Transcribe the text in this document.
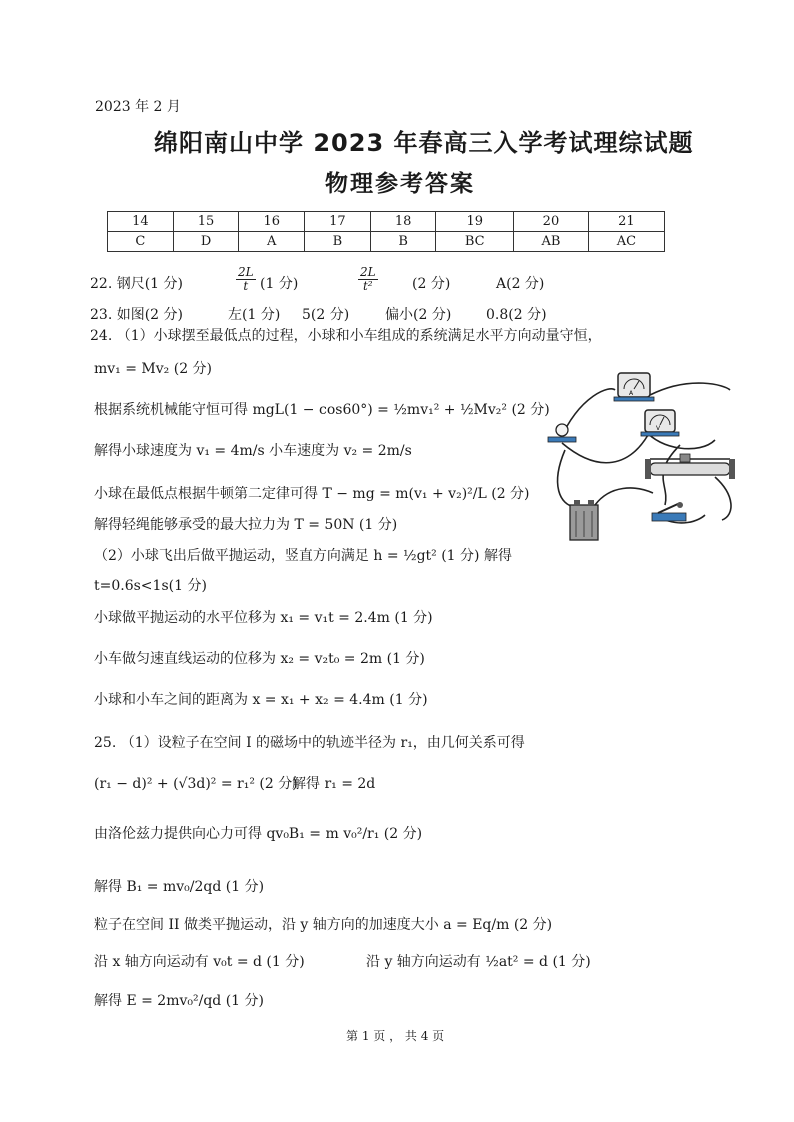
2023 年 2 月
绵阳南山中学 2023 年春高三入学考试理综试题
物理参考答案
14	15	16	17	18	19	20	21
C	D	A	B	B	BC	AB	AC
22. 钢尺(1 分)	$\frac{2L}{t} (1$ 分)	$\frac{2L}{\text{t²}} (2$ 分)	A(2 分)
23. 如图(2 分)	左(1 分) 5(2 分)	偏小(2 分) 0.8(2 分)
24. （1）小球摆至最低点的过程，小球和小车组成的系统满足水平方向动量守恒，
mv₁ = Mv₂ (2 分)
根据系统机械能守恒可得 mgL(1 − cos60°) = ½mv₁² + ½Mv₂² (2 分)
解得小球速度为 v₁ = 4m/s 小车速度为 v₂ = 2m/s
小球在最低点根据牛顿第二定律可得 T − mg = m(v₁ + v₂)²/L (2 分)
解得轻绳能够承受的最大拉力为 T = 50N (1 分)
（2）小球飞出后做平抛运动，竖直方向满足 h = ½gt² (1 分) 解得
t=0.6s<1s(1 分)
小球做平抛运动的水平位移为 x₁ = v₁t = 2.4m (1 分)
小车做匀速直线运动的位移为 x₂ = v₂t₀ = 2m (1 分)
小球和小车之间的距离为 x = x₁ + x₂ = 4.4m (1 分)
25. （1）设粒子在空间 I 的磁场中的轨迹半径为 r₁，由几何关系可得
(r₁ − d)² + (√3d)² = r₁² (2 分)
解得 r₁ = 2d
由洛伦兹力提供向心力可得 qv₀B₁ = m v₀²/r₁ (2 分)
解得 B₁ = mv₀/2qd (1 分)
粒子在空间 II 做类平抛运动，沿 y 轴方向的加速度大小 a = Eq/m (2 分)
沿 x 轴方向运动有 v₀t = d (1 分)	沿 y 轴方向运动有 ½at² = d (1 分)
解得 E = 2mv₀²/qd (1 分)
A
V
第 1 页 ， 共 4 页
